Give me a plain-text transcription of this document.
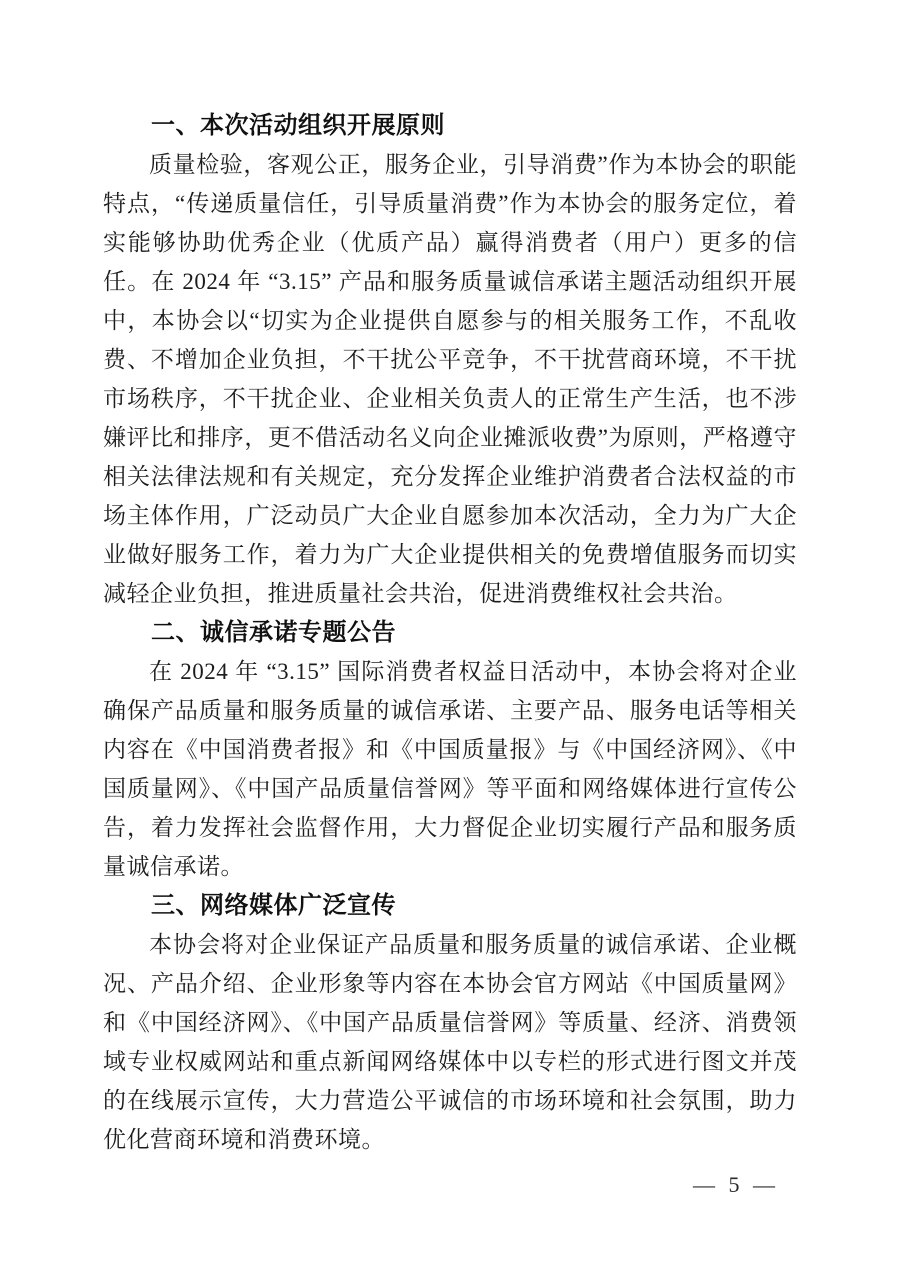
一、本次活动组织开展原则

质量检验，客观公正，服务企业，引导消费”作为本协会的职能特点，“传递质量信任，引导质量消费”作为本协会的服务定位，着实能够协助优秀企业（优质产品）赢得消费者（用户）更多的信任。在 2024 年 “3.15” 产品和服务质量诚信承诺主题活动组织开展中，本协会以“切实为企业提供自愿参与的相关服务工作，不乱收费、不增加企业负担，不干扰公平竞争，不干扰营商环境，不干扰市场秩序，不干扰企业、企业相关负责人的正常生产生活，也不涉嫌评比和排序，更不借活动名义向企业摊派收费”为原则，严格遵守相关法律法规和有关规定，充分发挥企业维护消费者合法权益的市场主体作用，广泛动员广大企业自愿参加本次活动，全力为广大企业做好服务工作，着力为广大企业提供相关的免费增值服务而切实减轻企业负担，推进质量社会共治，促进消费维权社会共治。

二、诚信承诺专题公告

在 2024 年 “3.15” 国际消费者权益日活动中，本协会将对企业确保产品质量和服务质量的诚信承诺、主要产品、服务电话等相关内容在《中国消费者报》和《中国质量报》与《中国经济网》、《中国质量网》、《中国产品质量信誉网》等平面和网络媒体进行宣传公告，着力发挥社会监督作用，大力督促企业切实履行产品和服务质量诚信承诺。

三、网络媒体广泛宣传

本协会将对企业保证产品质量和服务质量的诚信承诺、企业概况、产品介绍、企业形象等内容在本协会官方网站《中国质量网》和《中国经济网》、《中国产品质量信誉网》等质量、经济、消费领域专业权威网站和重点新闻网络媒体中以专栏的形式进行图文并茂的在线展示宣传，大力营造公平诚信的市场环境和社会氛围，助力优化营商环境和消费环境。

— 5 —
